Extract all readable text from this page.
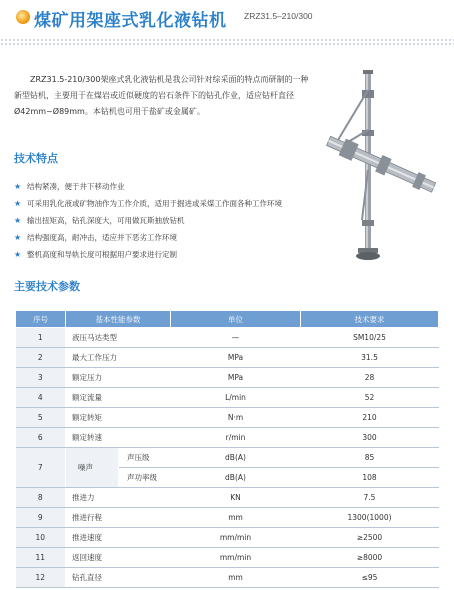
煤矿用架座式乳化液钻机 ZRZ31.5–210/300

ZRZ31.5-210/300架座式乳化液钻机是我公司针对综采面的特点而研制的一种新型钻机，主要用于在煤岩或近似硬度的岩石条件下的钻孔作业，适应钻杆直径Ø42mm~Ø89mm。本钻机也可用于盐矿或金属矿。

技术特点
★ 结构紧凑，便于井下移动作业
★ 可采用乳化液或矿物油作为工作介质，适用于掘进或采煤工作面各种工作环境
★ 输出扭矩高，钻孔深度大，可用做瓦斯抽放钻机
★ 结构强度高，耐冲击，适应井下恶劣工作环境
★ 整机高度和导轨长度可根据用户要求进行定制
主要技术参数
序号	基本性能参数		单位	技术要求
1	液压马达类型		—	SM10/25
2	最大工作压力		MPa	31.5
3	额定压力		MPa	28
4	额定流量		L/min	52
5	额定转矩		N·m	210
6	额定转速		r/min	300
7	噪声	声压级	dB(A)	85
		声功率级	dB(A)	108
8	推进力		KN	7.5
9	推进行程		mm	1300(1000)
10	推进速度		mm/min	≥2500
11	返回速度		mm/min	≥8000
12	钻孔直径		mm	≤95
